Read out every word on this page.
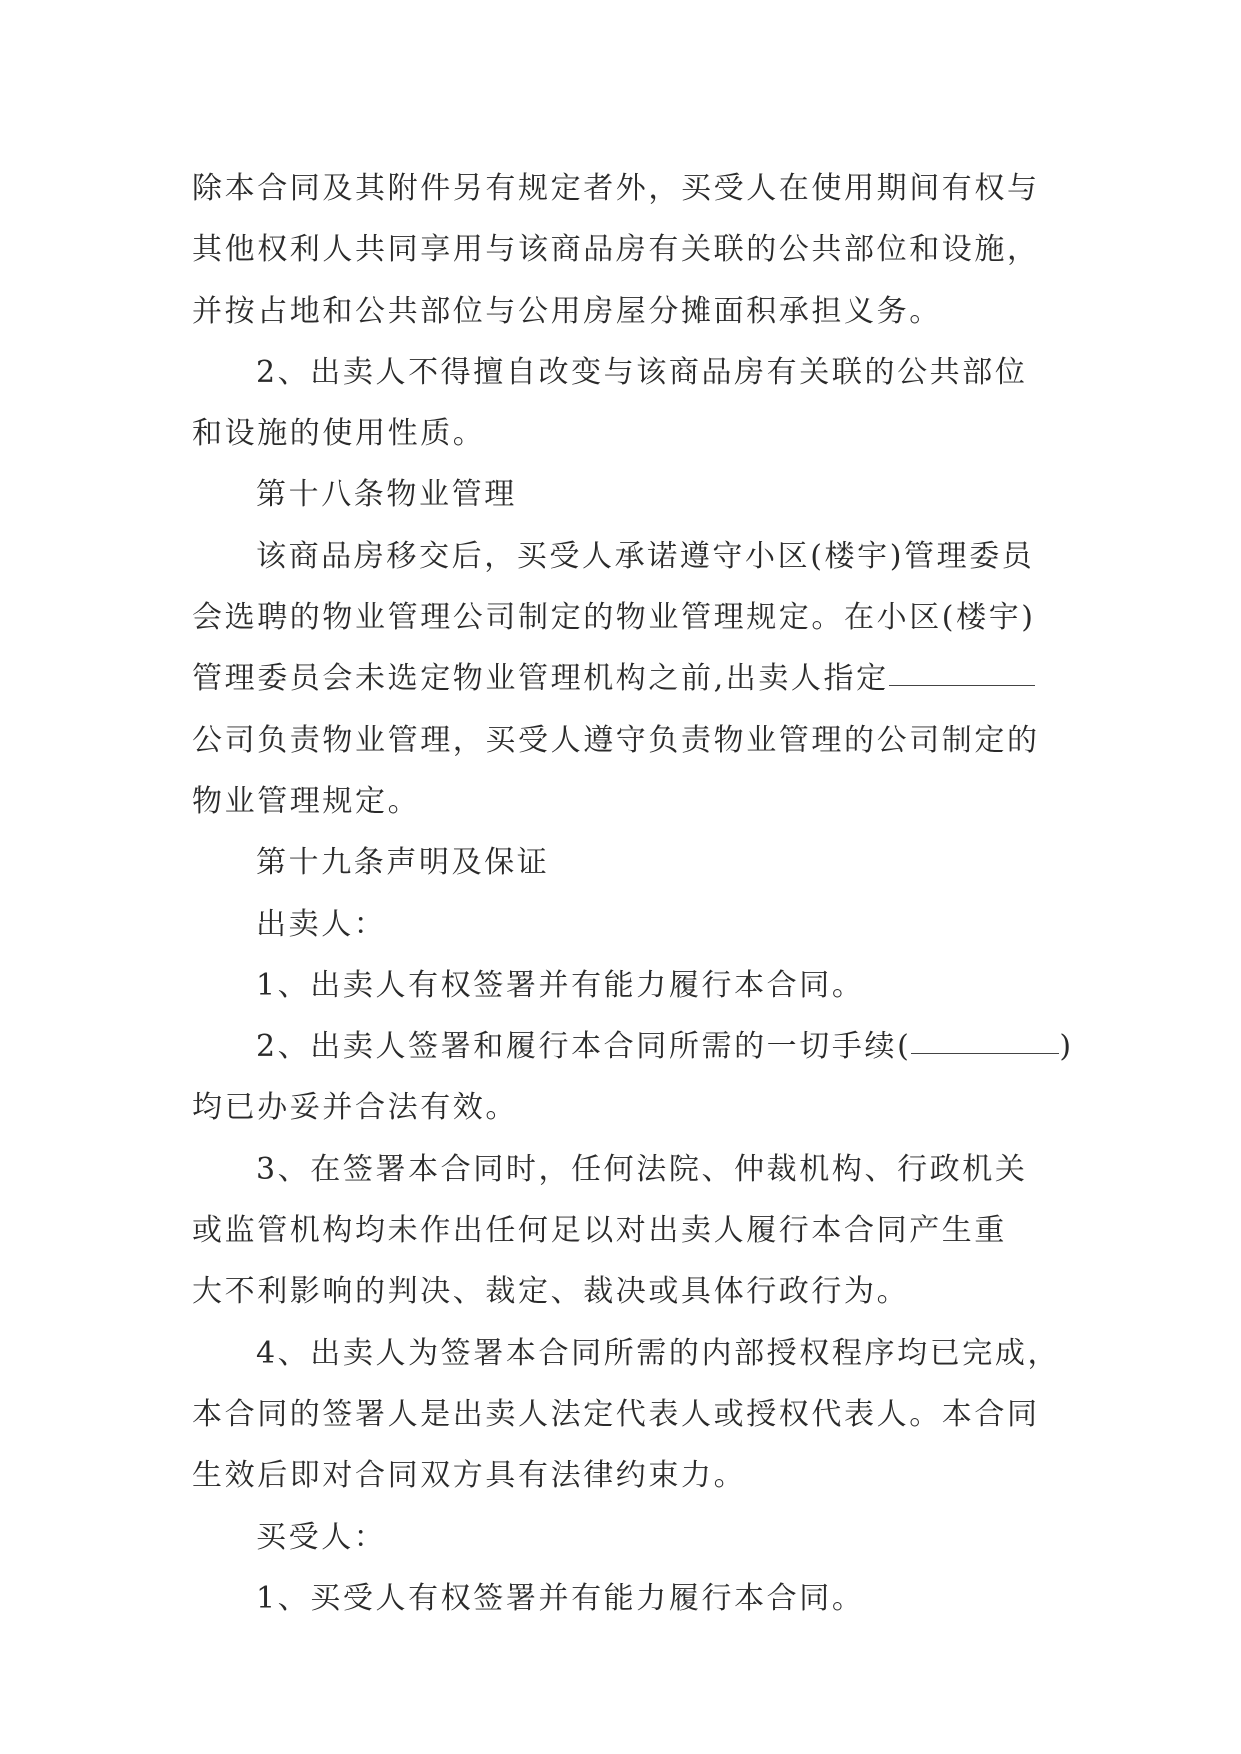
除本合同及其附件另有规定者外，买受人在使用期间有权与
其他权利人共同享用与该商品房有关联的公共部位和设施，
并按占地和公共部位与公用房屋分摊面积承担义务。
2、出卖人不得擅自改变与该商品房有关联的公共部位
和设施的使用性质。
第十八条物业管理
该商品房移交后，买受人承诺遵守小区(楼宇)管理委员
会选聘的物业管理公司制定的物业管理规定。在小区(楼宇)
管理委员会未选定物业管理机构之前,出卖人指定
公司负责物业管理，买受人遵守负责物业管理的公司制定的
物业管理规定。
第十九条声明及保证
出卖人：
1、出卖人有权签署并有能力履行本合同。
2、出卖人签署和履行本合同所需的一切手续(	)
均已办妥并合法有效。
3、在签署本合同时，任何法院、仲裁机构、行政机关
或监管机构均未作出任何足以对出卖人履行本合同产生重
大不利影响的判决、裁定、裁决或具体行政行为。
4、出卖人为签署本合同所需的内部授权程序均已完成，
本合同的签署人是出卖人法定代表人或授权代表人。本合同
生效后即对合同双方具有法律约束力。
买受人：
1、买受人有权签署并有能力履行本合同。
